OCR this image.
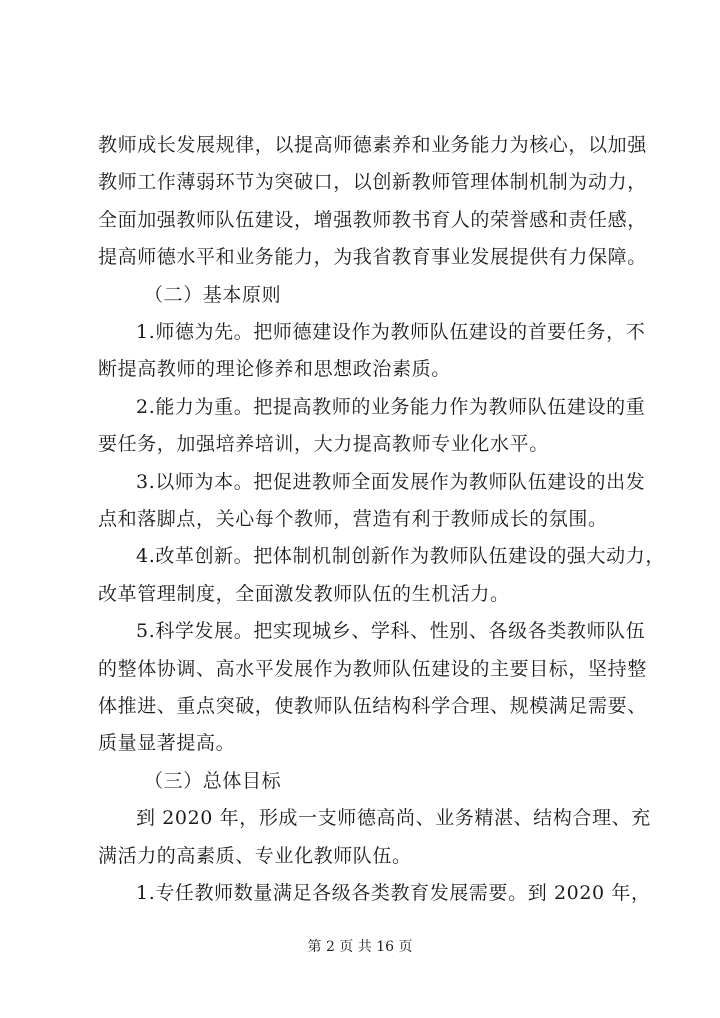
教师成长发展规律，以提高师德素养和业务能力为核心，以加强
教师工作薄弱环节为突破口，以创新教师管理体制机制为动力，
全面加强教师队伍建设，增强教师教书育人的荣誉感和责任感，
提高师德水平和业务能力，为我省教育事业发展提供有力保障。
（二）基本原则
1.师德为先。把师德建设作为教师队伍建设的首要任务，不
断提高教师的理论修养和思想政治素质。
2.能力为重。把提高教师的业务能力作为教师队伍建设的重
要任务，加强培养培训，大力提高教师专业化水平。
3.以师为本。把促进教师全面发展作为教师队伍建设的出发
点和落脚点，关心每个教师，营造有利于教师成长的氛围。
4.改革创新。把体制机制创新作为教师队伍建设的强大动力，
改革管理制度，全面激发教师队伍的生机活力。
5.科学发展。把实现城乡、学科、性别、各级各类教师队伍
的整体协调、高水平发展作为教师队伍建设的主要目标，坚持整
体推进、重点突破，使教师队伍结构科学合理、规模满足需要、
质量显著提高。
（三）总体目标
到 2020 年，形成一支师德高尚、业务精湛、结构合理、充
满活力的高素质、专业化教师队伍。
1.专任教师数量满足各级各类教育发展需要。到 2020 年，
第 2 页 共 16 页
